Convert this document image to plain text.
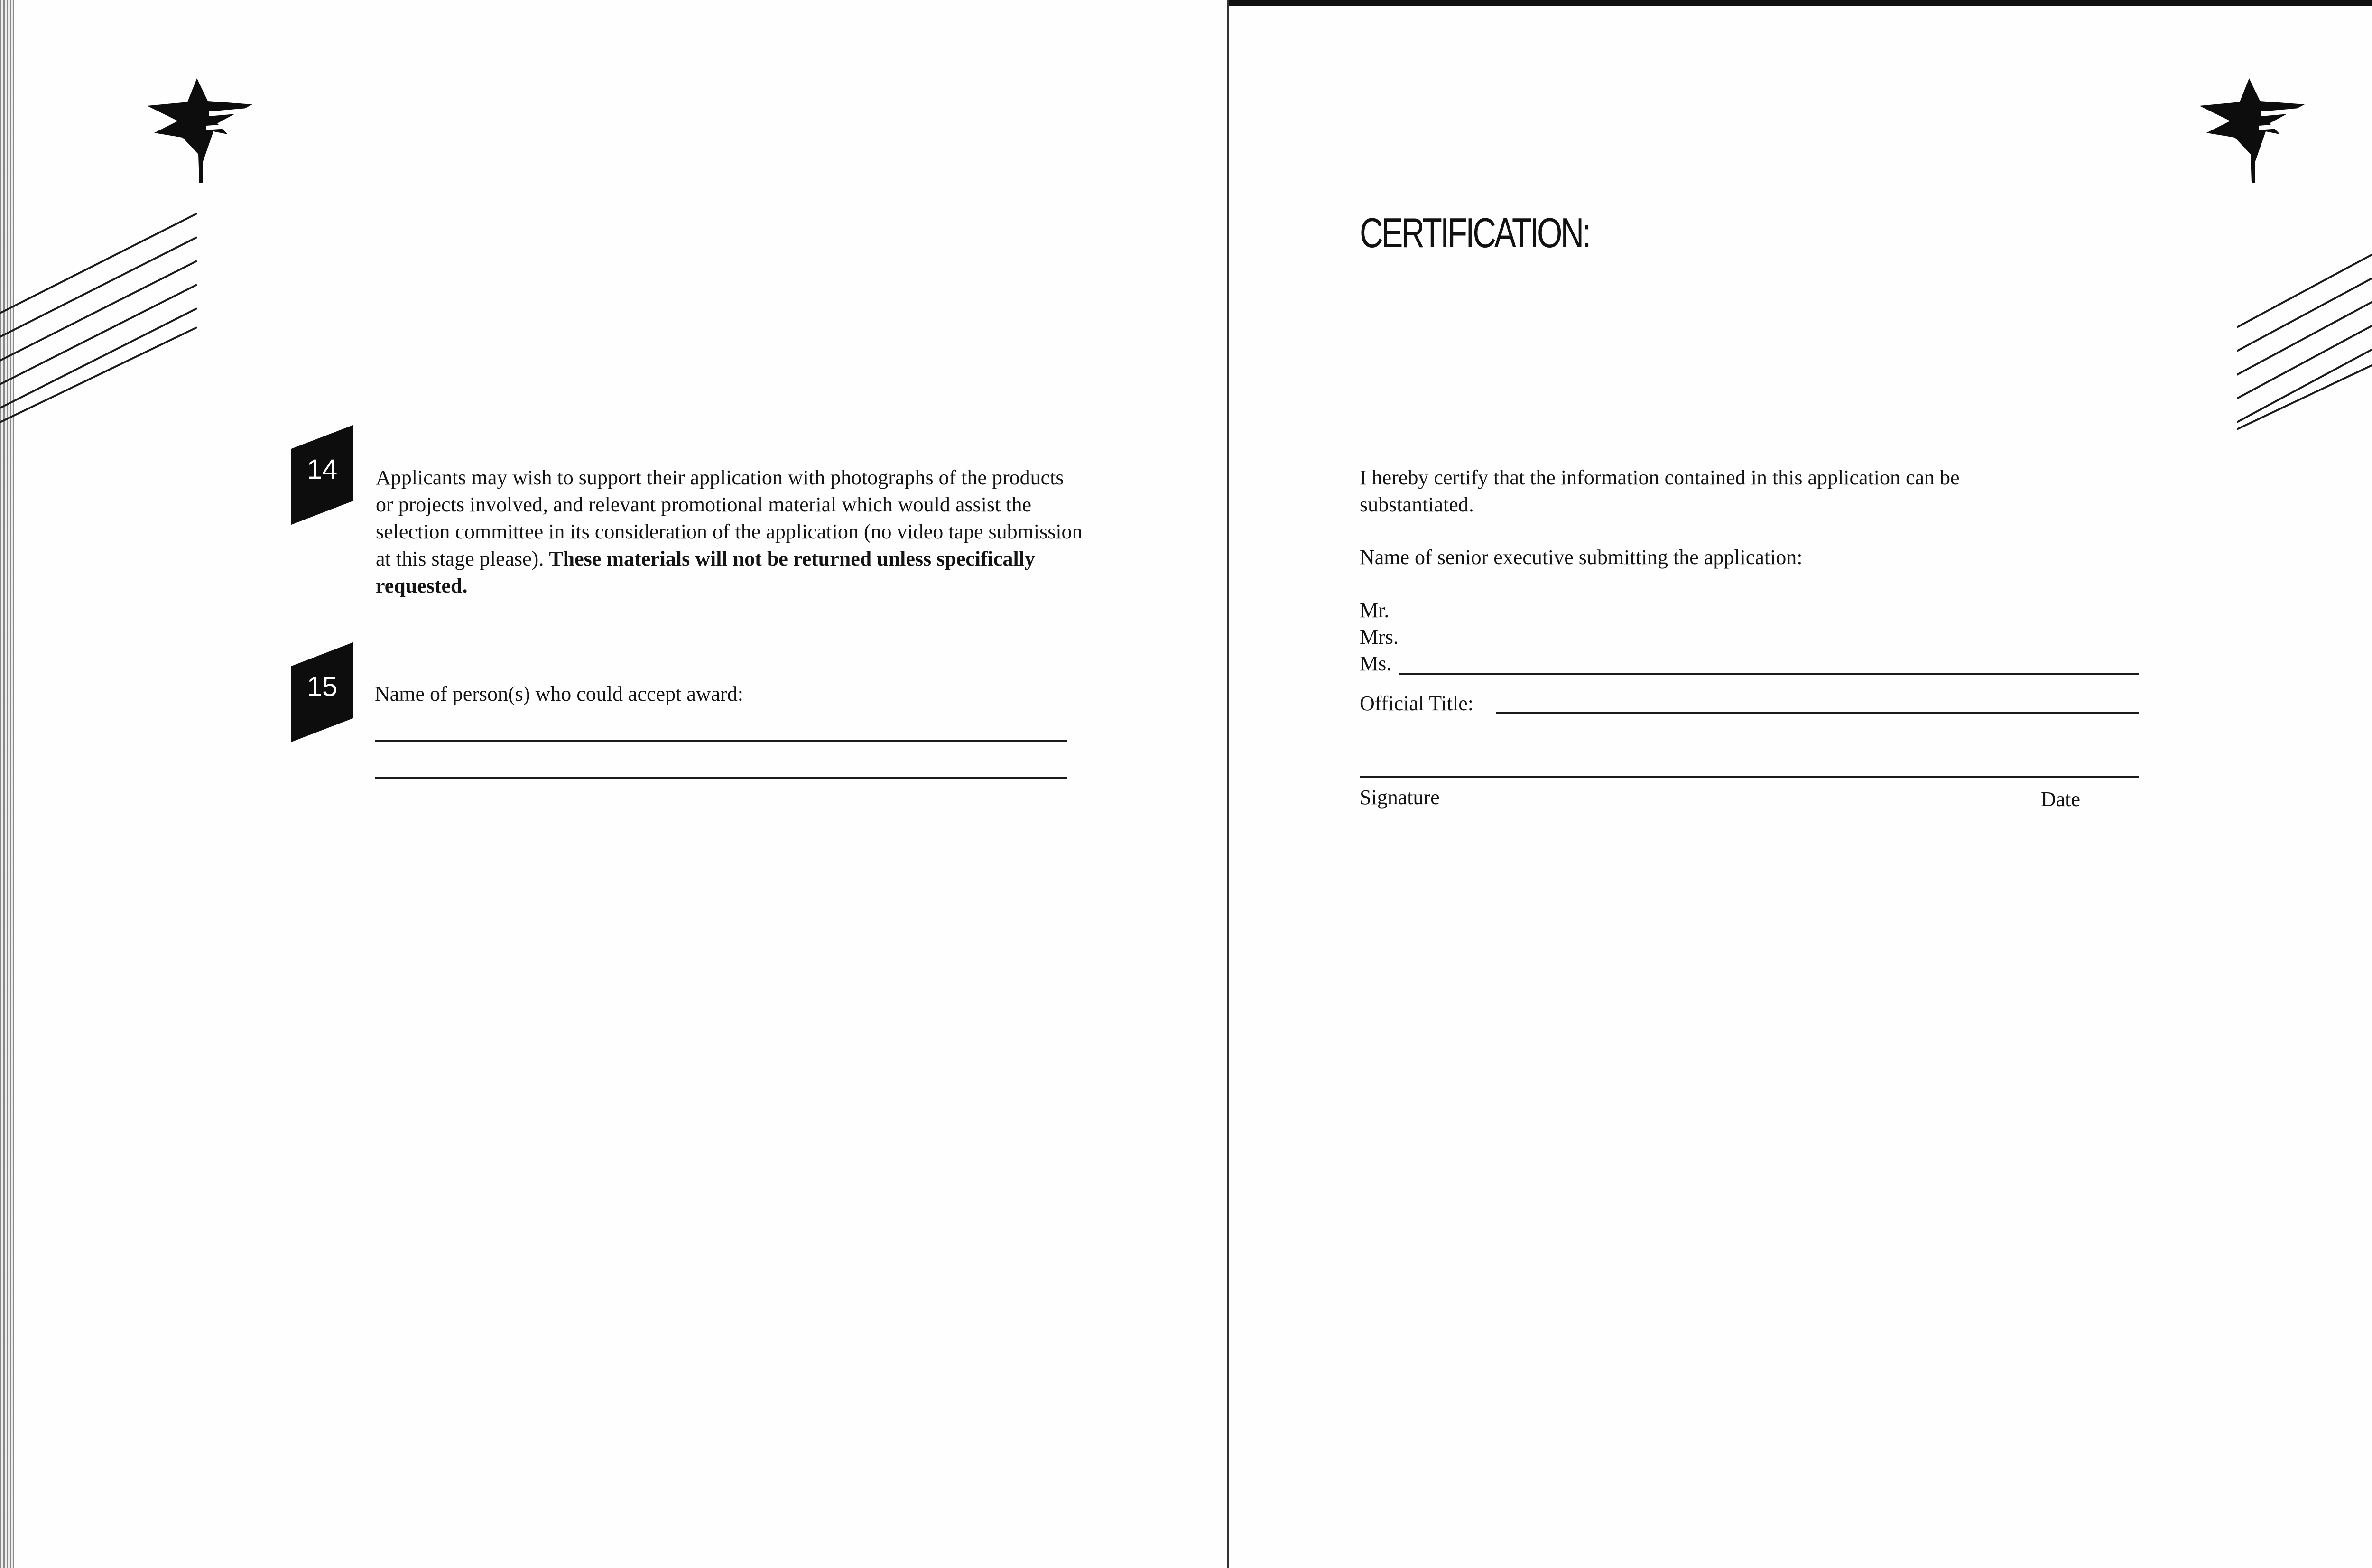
14	Applicants may wish to support their application with photographs of the products or projects involved, and relevant promotional material which would assist the selection committee in its consideration of the application (no video tape submission at this stage please). These materials will not be returned unless specifically requested.
15	Name of person(s) who could accept award:
CERTIFICATION:
I hereby certify that the information contained in this application can be substantiated.
Name of senior executive submitting the application:
Mr.
Mrs.
Ms.
Official Title:
Signature	Date
